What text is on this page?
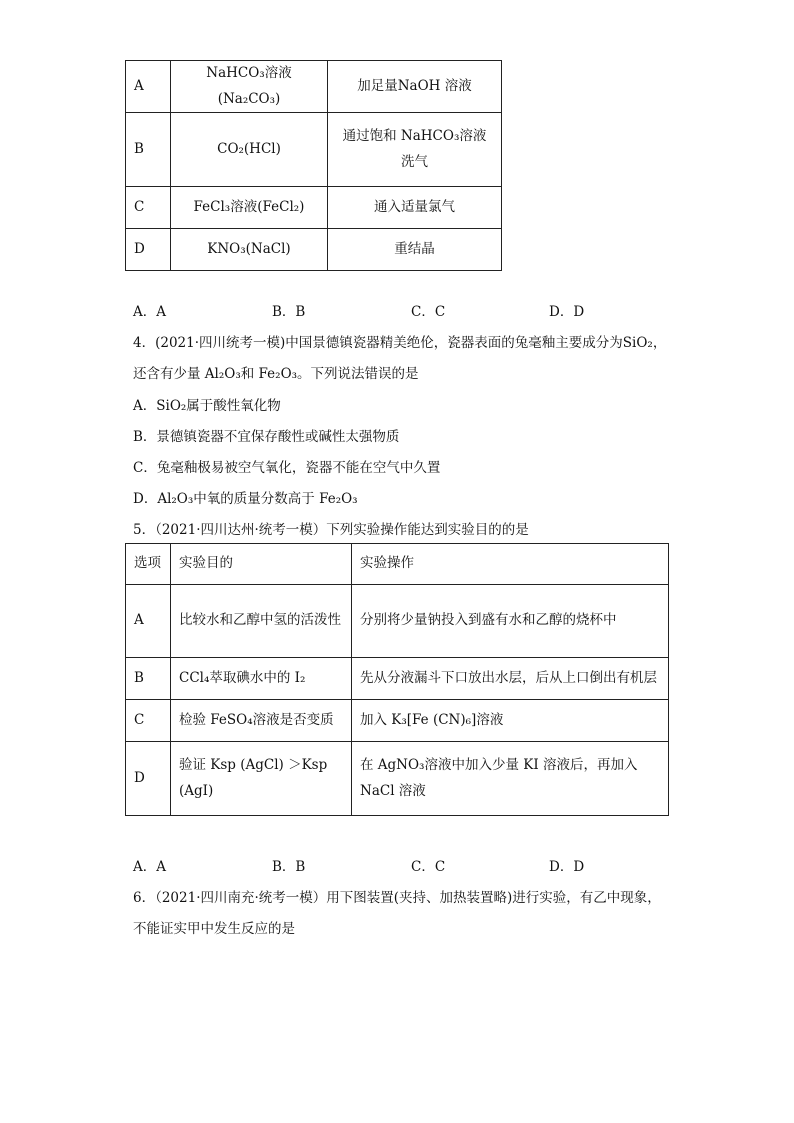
A	NaHCO₃溶液(Na₂CO₃)	加足量NaOH 溶液
B	CO₂(HCl)	通过饱和 NaHCO₃溶液洗气
C	FeCl₃溶液(FeCl₂)	通入适量氯气
D	KNO₃(NaCl)	重结晶
A．A	B．B	C．C	D．D
4．(2021·四川统考一模)中国景德镇瓷器精美绝伦，瓷器表面的兔毫釉主要成分为SiO₂，
还含有少量 Al₂O₃和 Fe₂O₃。下列说法错误的是
A．SiO₂属于酸性氧化物
B．景德镇瓷器不宜保存酸性或碱性太强物质
C．兔毫釉极易被空气氧化，瓷器不能在空气中久置
D．Al₂O₃中氧的质量分数高于 Fe₂O₃
5．（2021·四川达州·统考一模）下列实验操作能达到实验目的的是
选项	实验目的	实验操作
A	比较水和乙醇中氢的活泼性	分别将少量钠投入到盛有水和乙醇的烧杯中
B	CCl₄萃取碘水中的 I₂	先从分液漏斗下口放出水层，后从上口倒出有机层
C	检验 FeSO₄溶液是否变质	加入 K₃[Fe (CN)₆]溶液
D	验证 Ksp (AgCl) ＞Ksp (AgI)	在 AgNO₃溶液中加入少量 KI 溶液后，再加入 NaCl 溶液
A．A	B．B	C．C	D．D
6．（2021·四川南充·统考一模）用下图装置(夹持、加热装置略)进行实验，有乙中现象，
不能证实甲中发生反应的是
